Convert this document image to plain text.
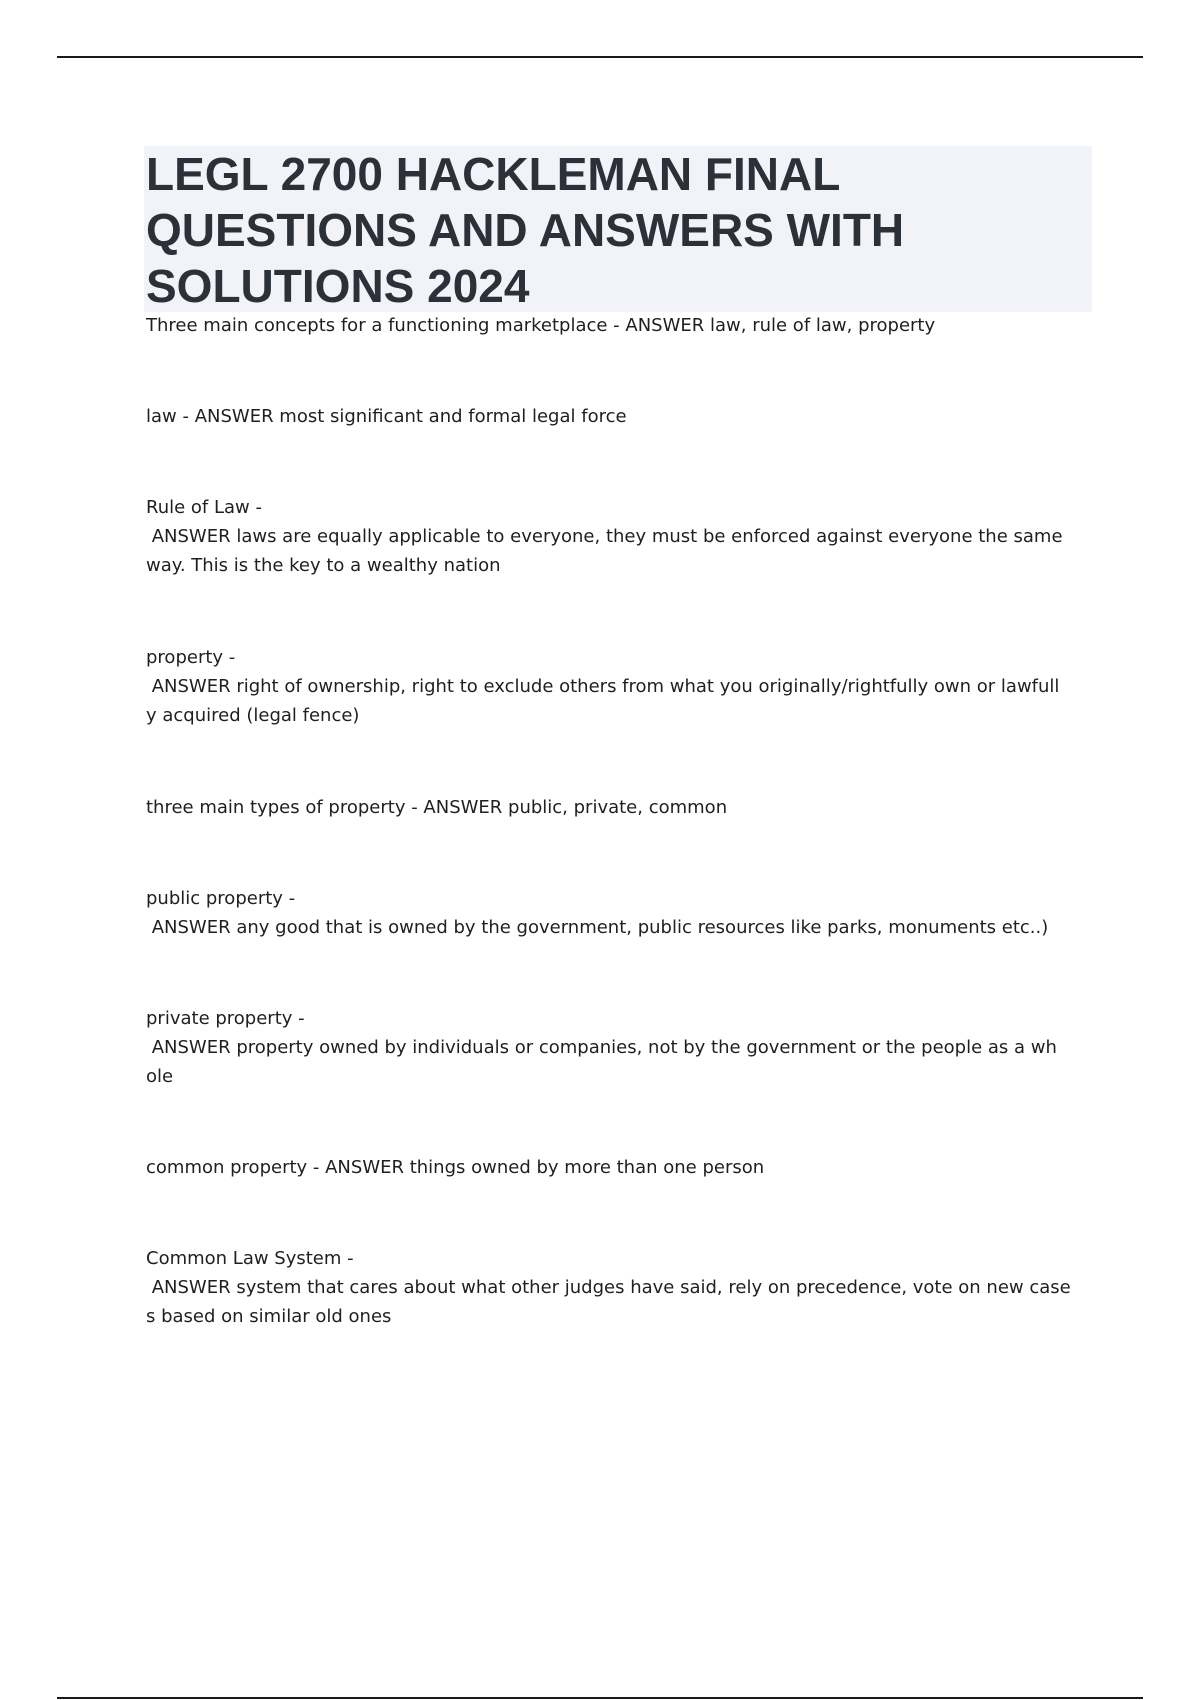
LEGL 2700 HACKLEMAN FINAL
QUESTIONS AND ANSWERS WITH
SOLUTIONS 2024
Three main concepts for a functioning marketplace - ANSWER law, rule of law, property
law - ANSWER most significant and formal legal force
Rule of Law -
ANSWER laws are equally applicable to everyone, they must be enforced against everyone the same
way. This is the key to a wealthy nation
property -
ANSWER right of ownership, right to exclude others from what you originally/rightfully own or lawfull
y acquired (legal fence)
three main types of property - ANSWER public, private, common
public property -
ANSWER any good that is owned by the government, public resources like parks, monuments etc..)
private property -
ANSWER property owned by individuals or companies, not by the government or the people as a wh
ole
common property - ANSWER things owned by more than one person
Common Law System -
ANSWER system that cares about what other judges have said, rely on precedence, vote on new case
s based on similar old ones
